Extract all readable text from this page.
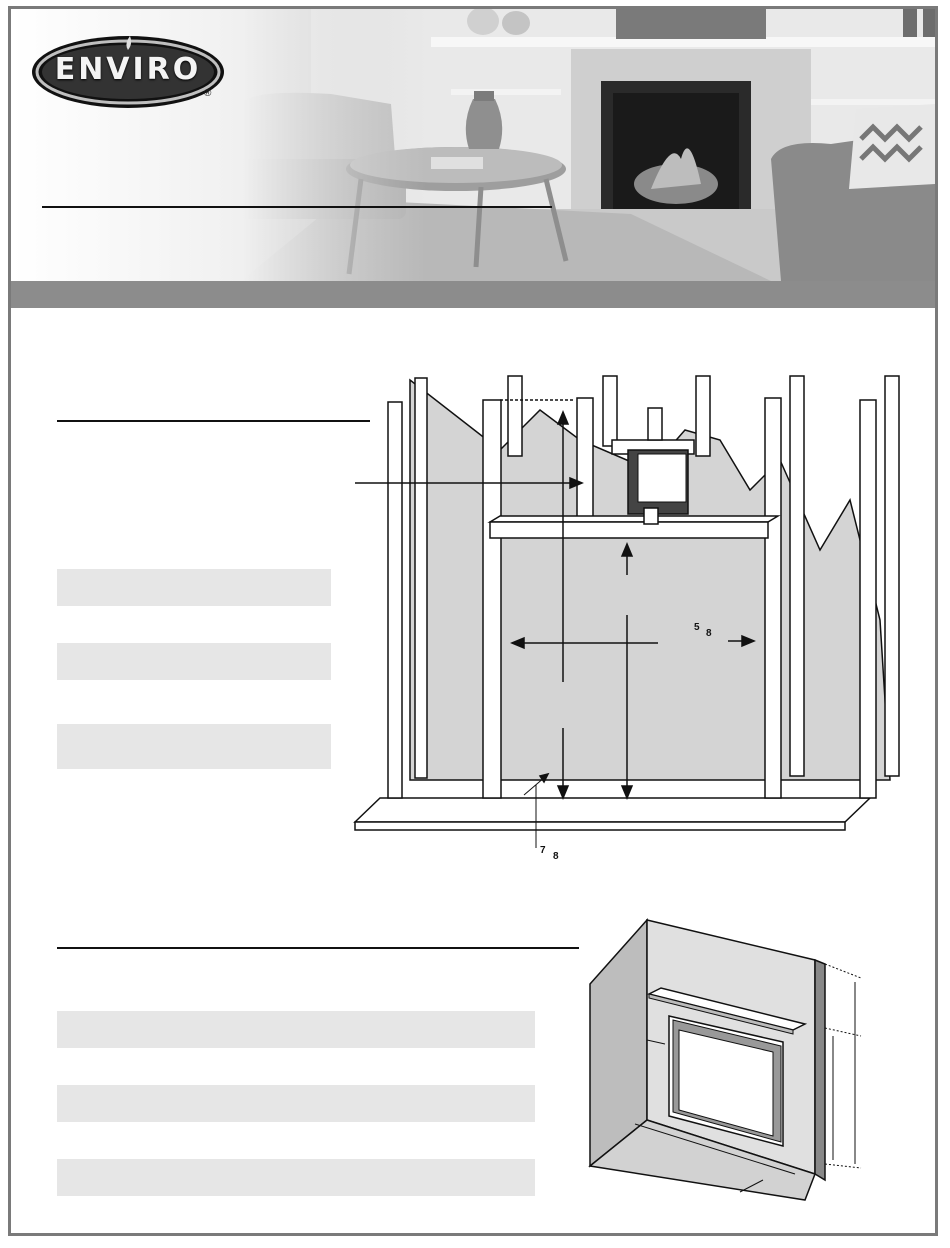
ENVIRO
®
5
8
7
8
